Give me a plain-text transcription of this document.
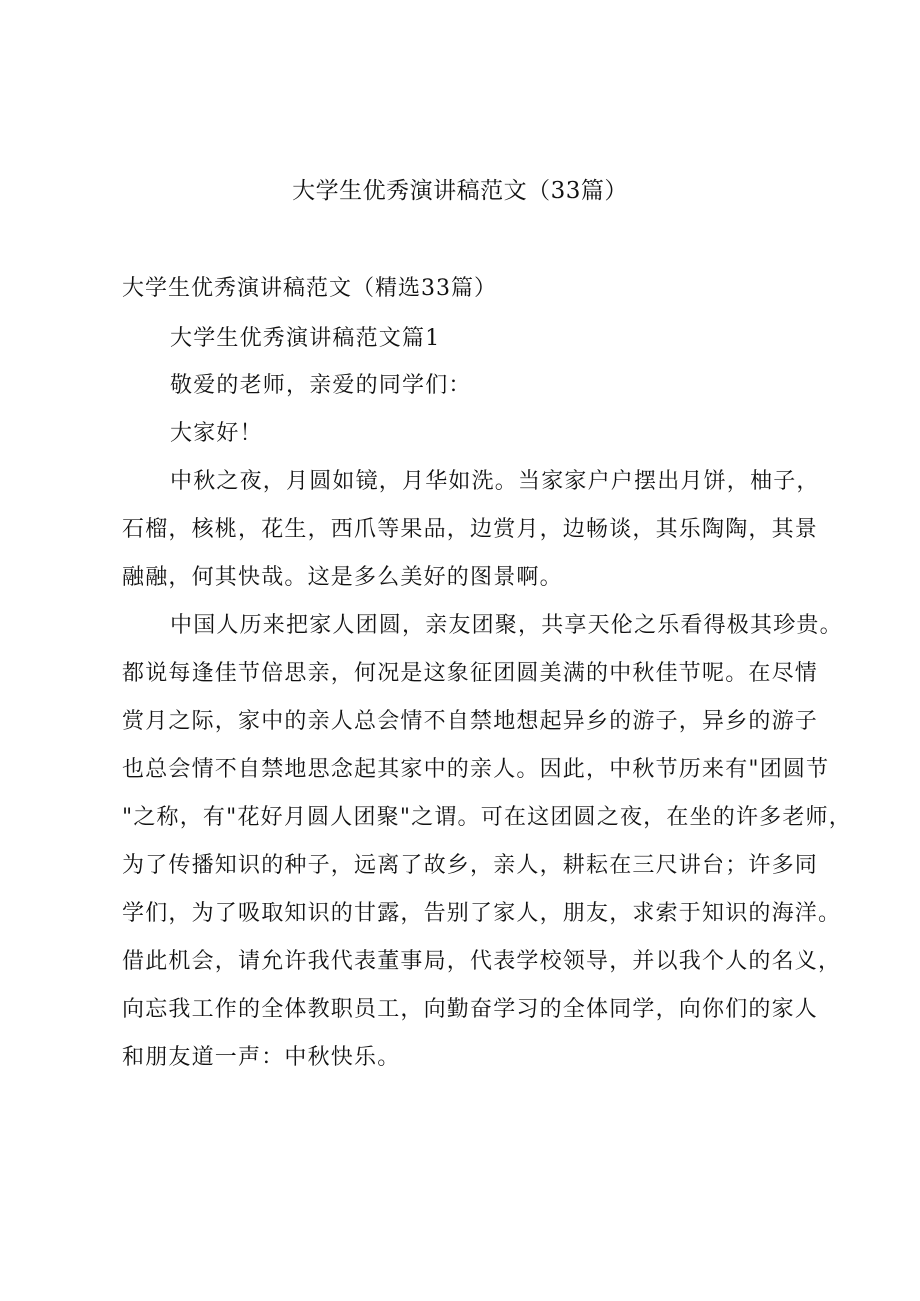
大学生优秀演讲稿范文（33篇）
大学生优秀演讲稿范文（精选33篇）
大学生优秀演讲稿范文篇1
敬爱的老师，亲爱的同学们：
大家好！
中秋之夜，月圆如镜，月华如洗。当家家户户摆出月饼，柚子，
石榴，核桃，花生，西爪等果品，边赏月，边畅谈，其乐陶陶，其景
融融，何其快哉。这是多么美好的图景啊。
中国人历来把家人团圆，亲友团聚，共享天伦之乐看得极其珍贵。
都说每逢佳节倍思亲，何况是这象征团圆美满的中秋佳节呢。在尽情
赏月之际，家中的亲人总会情不自禁地想起异乡的游子，异乡的游子
也总会情不自禁地思念起其家中的亲人。因此，中秋节历来有"团圆节
"之称，有"花好月圆人团聚"之谓。可在这团圆之夜，在坐的许多老师，
为了传播知识的种子，远离了故乡，亲人，耕耘在三尺讲台；许多同
学们，为了吸取知识的甘露，告别了家人，朋友，求索于知识的海洋。
借此机会，请允许我代表董事局，代表学校领导，并以我个人的名义，
向忘我工作的全体教职员工，向勤奋学习的全体同学，向你们的家人
和朋友道一声：中秋快乐。
